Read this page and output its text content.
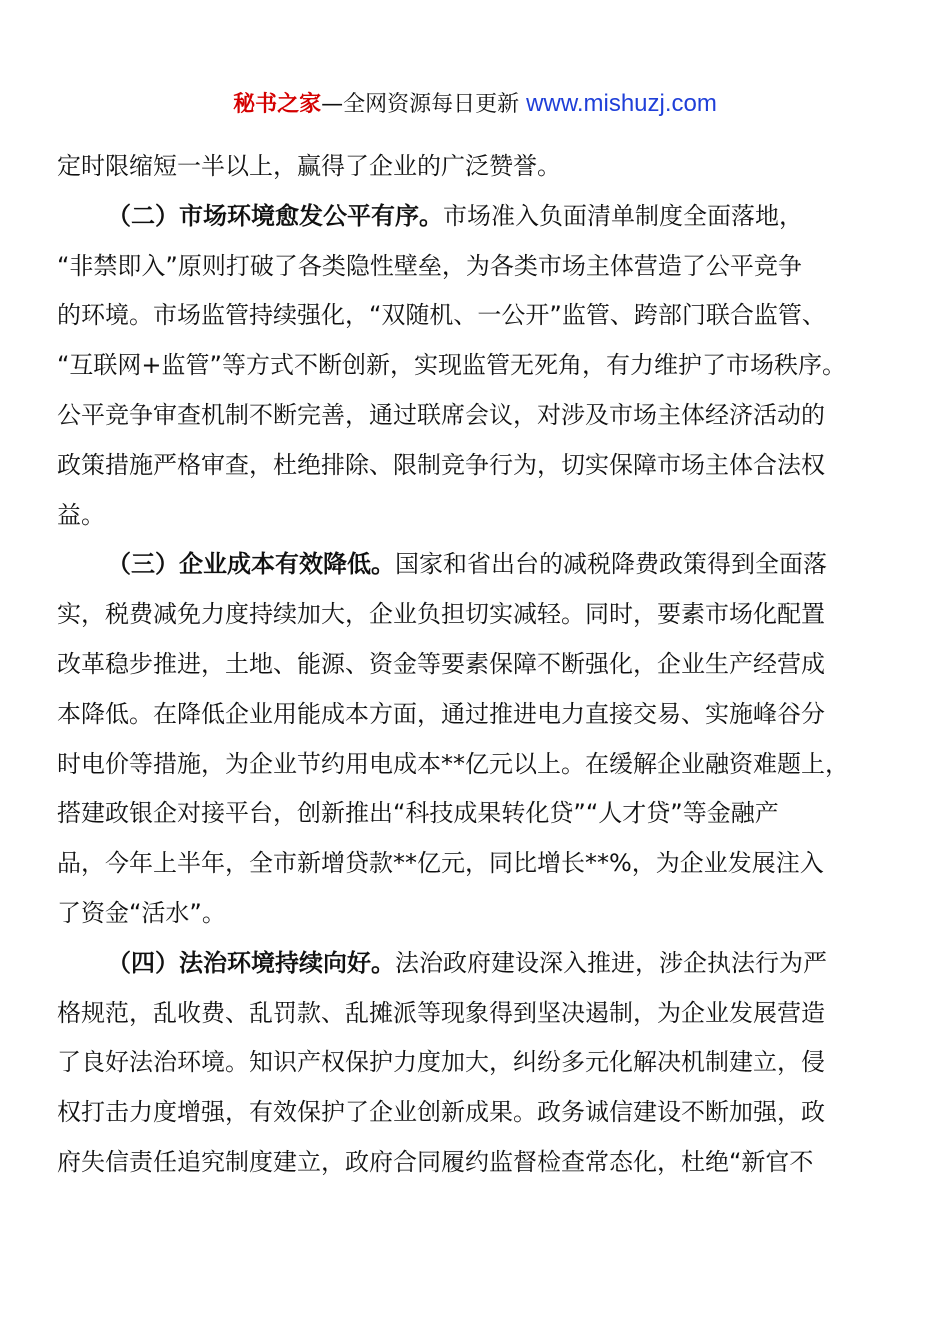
秘书之家—全网资源每日更新 www.mishuzj.com
定时限缩短一半以上，赢得了企业的广泛赞誉。
（二）市场环境愈发公平有序。市场准入负面清单制度全面落地，
“非禁即入”原则打破了各类隐性壁垒，为各类市场主体营造了公平竞争
的环境。市场监管持续强化，“双随机、一公开”监管、跨部门联合监管、
“互联网+监管”等方式不断创新，实现监管无死角，有力维护了市场秩序。
公平竞争审查机制不断完善，通过联席会议，对涉及市场主体经济活动的
政策措施严格审查，杜绝排除、限制竞争行为，切实保障市场主体合法权
益。
（三）企业成本有效降低。国家和省出台的减税降费政策得到全面落
实，税费减免力度持续加大，企业负担切实减轻。同时，要素市场化配置
改革稳步推进，土地、能源、资金等要素保障不断强化，企业生产经营成
本降低。在降低企业用能成本方面，通过推进电力直接交易、实施峰谷分
时电价等措施，为企业节约用电成本**亿元以上。在缓解企业融资难题上，
搭建政银企对接平台，创新推出“科技成果转化贷”“人才贷”等金融产
品，今年上半年，全市新增贷款**亿元，同比增长**%，为企业发展注入
了资金“活水”。
（四）法治环境持续向好。法治政府建设深入推进，涉企执法行为严
格规范，乱收费、乱罚款、乱摊派等现象得到坚决遏制，为企业发展营造
了良好法治环境。知识产权保护力度加大，纠纷多元化解决机制建立，侵
权打击力度增强，有效保护了企业创新成果。政务诚信建设不断加强，政
府失信责任追究制度建立，政府合同履约监督检查常态化，杜绝“新官不
